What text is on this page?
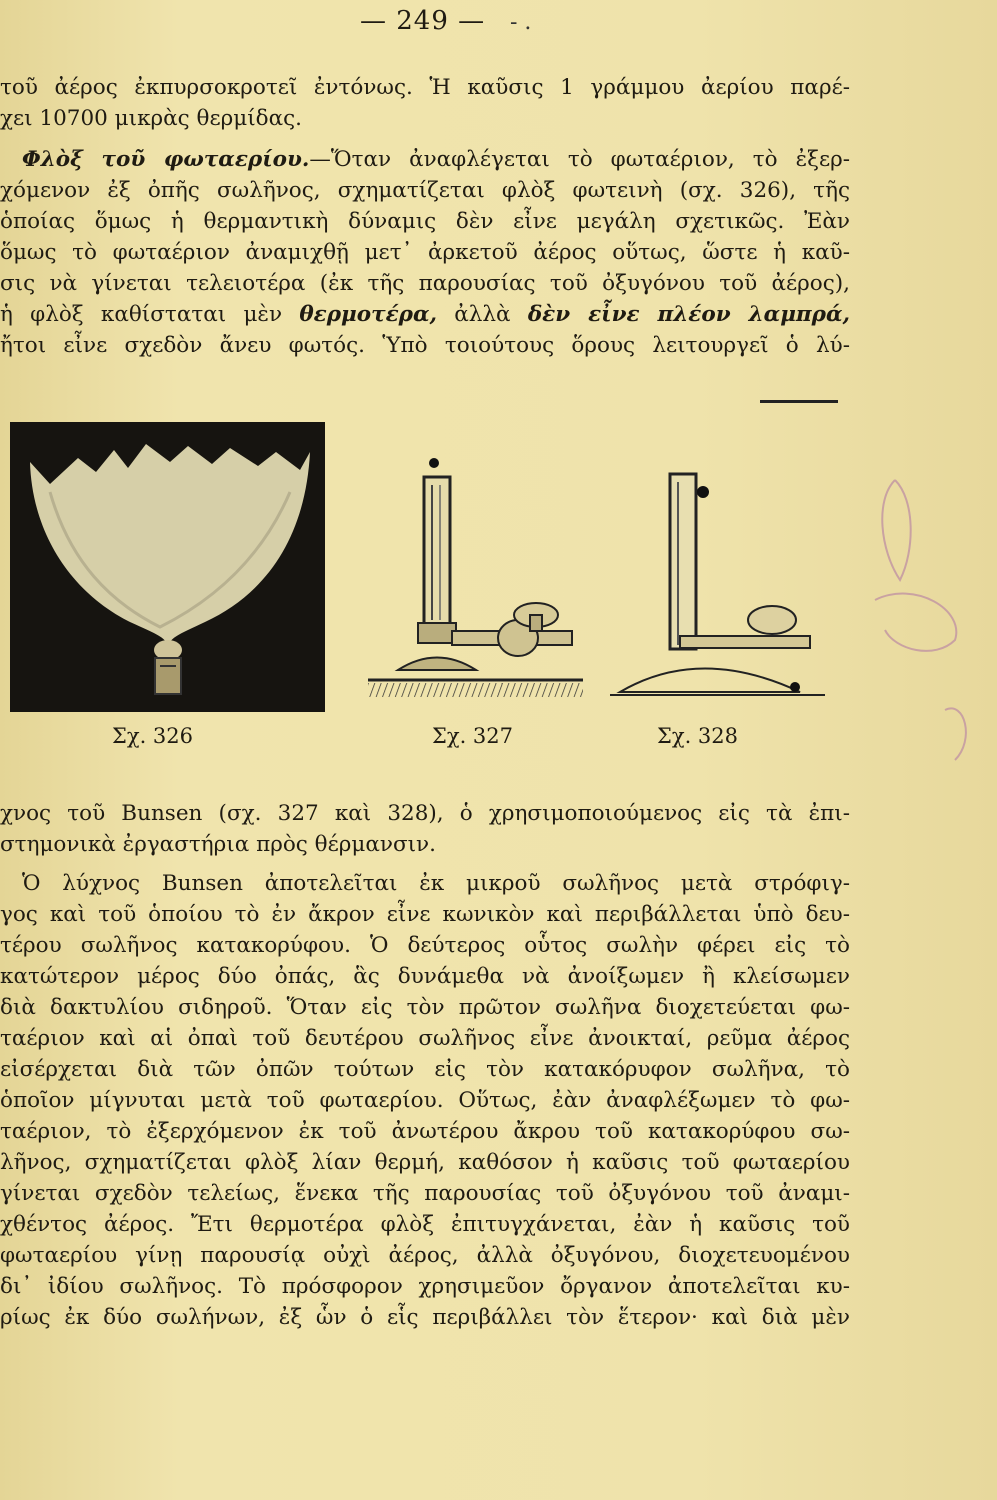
— 249 — - .
τοῦ ἀέρος ἐκπυρσοκροτεῖ ἐντόνως. Ἡ καῦσις 1 γράμμου ἀερίου παρέ-
χει 10700 μικρὰς θερμίδας.
Φλὸξ τοῦ φωταερίου.—Ὅταν ἀναφλέγεται τὸ φωταέριον, τὸ ἐξερ-
χόμενον ἐξ ὀπῆς σωλῆνος, σχηματίζεται φλὸξ φωτεινὴ (σχ. 326), τῆς
ὁποίας ὅμως ἡ θερμαντικὴ δύναμις δὲν εἶνε μεγάλη σχετικῶς. Ἐὰν
ὅμως τὸ φωταέριον ἀναμιχθῇ μετ᾽ ἀρκετοῦ ἀέρος οὕτως, ὥστε ἡ καῦ-
σις νὰ γίνεται τελειοτέρα (ἐκ τῆς παρουσίας τοῦ ὀξυγόνου τοῦ ἀέρος),
ἡ φλὸξ καθίσταται μὲν θερμοτέρα, ἀλλὰ δὲν εἶνε πλέον λαμπρά,
ἤτοι εἶνε σχεδὸν ἄνευ φωτός. Ὑπὸ τοιούτους ὅρους λειτουργεῖ ὁ λύ-
Σχ. 326	Σχ. 327	Σχ. 328
χνος τοῦ Bunsen (σχ. 327 καὶ 328), ὁ χρησιμοποιούμενος εἰς τὰ ἐπι-
στημονικὰ ἐργαστήρια πρὸς θέρμανσιν.
Ὁ λύχνος Bunsen ἀποτελεῖται ἐκ μικροῦ σωλῆνος μετὰ στρόφιγ-
γος καὶ τοῦ ὁποίου τὸ ἐν ἄκρον εἶνε κωνικὸν καὶ περιβάλλεται ὑπὸ δευ-
τέρου σωλῆνος κατακορύφου. Ὁ δεύτερος οὗτος σωλὴν φέρει εἰς τὸ
κατώτερον μέρος δύο ὀπάς, ἃς δυνάμεθα νὰ ἀνοίξωμεν ἢ κλείσωμεν
διὰ δακτυλίου σιδηροῦ. Ὅταν εἰς τὸν πρῶτον σωλῆνα διοχετεύεται φω-
ταέριον καὶ αἱ ὀπαὶ τοῦ δευτέρου σωλῆνος εἶνε ἀνοικταί, ρεῦμα ἀέρος
εἰσέρχεται διὰ τῶν ὀπῶν τούτων εἰς τὸν κατακόρυφον σωλῆνα, τὸ
ὁποῖον μίγνυται μετὰ τοῦ φωταερίου. Οὕτως, ἐὰν ἀναφλέξωμεν τὸ φω-
ταέριον, τὸ ἐξερχόμενον ἐκ τοῦ ἀνωτέρου ἄκρου τοῦ κατακορύφου σω-
λῆνος, σχηματίζεται φλὸξ λίαν θερμή, καθόσον ἡ καῦσις τοῦ φωταερίου
γίνεται σχεδὸν τελείως, ἕνεκα τῆς παρουσίας τοῦ ὀξυγόνου τοῦ ἀναμι-
χθέντος ἀέρος. Ἔτι θερμοτέρα φλὸξ ἐπιτυγχάνεται, ἐὰν ἡ καῦσις τοῦ
φωταερίου γίνῃ παρουσίᾳ οὐχὶ ἀέρος, ἀλλὰ ὀξυγόνου, διοχετευομένου
δι᾽ ἰδίου σωλῆνος. Τὸ πρόσφορον χρησιμεῦον ὄργανον ἀποτελεῖται κυ-
ρίως ἐκ δύο σωλήνων, ἐξ ὧν ὁ εἷς περιβάλλει τὸν ἕτερον· καὶ διὰ μὲν
